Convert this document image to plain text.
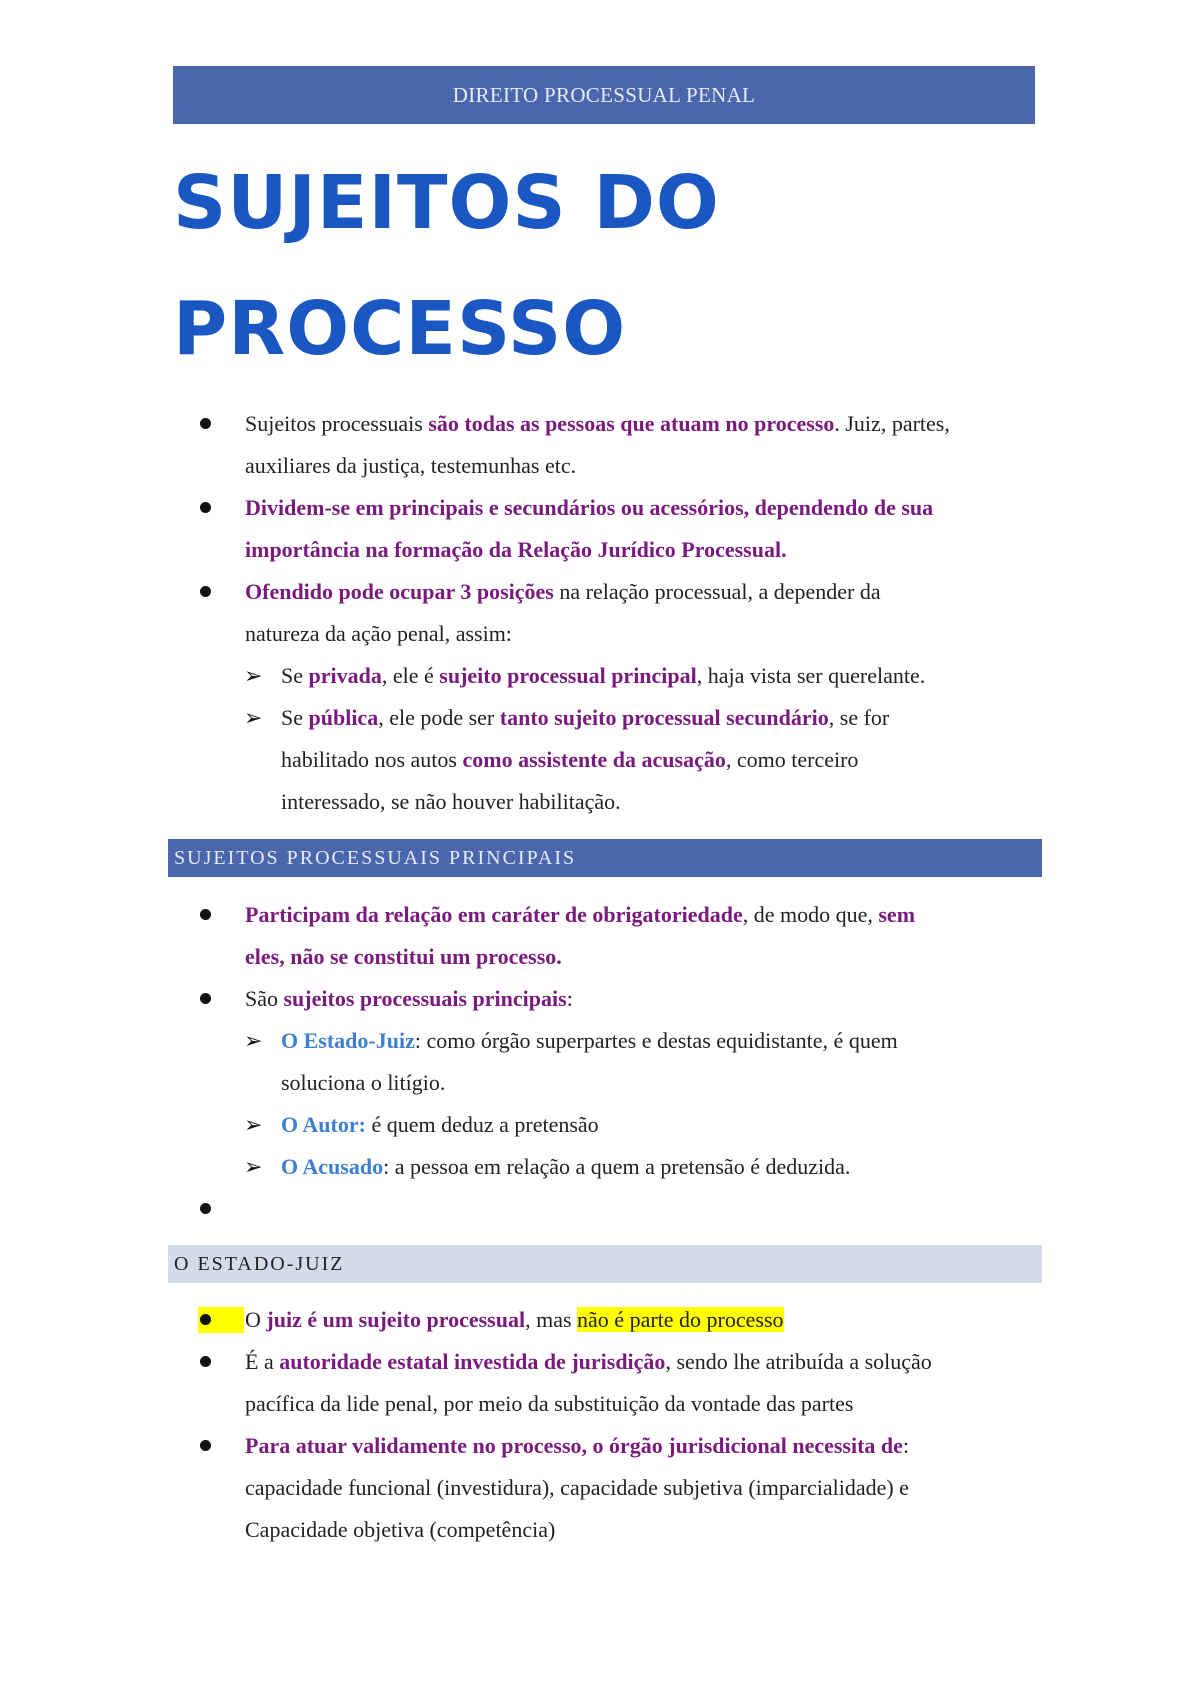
DIREITO PROCESSUAL PENAL
SUJEITOS DO
PROCESSO
Sujeitos processuais são todas as pessoas que atuam no processo. Juiz, partes,
auxiliares da justiça, testemunhas etc.
Dividem-se em principais e secundários ou acessórios, dependendo de sua
importância na formação da Relação Jurídico Processual.
Ofendido pode ocupar 3 posições na relação processual, a depender da
natureza da ação penal, assim:
➢ Se privada, ele é sujeito processual principal, haja vista ser querelante.
➢ Se pública, ele pode ser tanto sujeito processual secundário, se for
habilitado nos autos como assistente da acusação, como terceiro
interessado, se não houver habilitação.
SUJEITOS PROCESSUAIS PRINCIPAIS
Participam da relação em caráter de obrigatoriedade, de modo que, sem
eles, não se constitui um processo.
São sujeitos processuais principais:
➢ O Estado-Juiz: como órgão superpartes e destas equidistante, é quem
soluciona o litígio.
➢ O Autor: é quem deduz a pretensão
➢ O Acusado: a pessoa em relação a quem a pretensão é deduzida.

O ESTADO-JUIZ
O juiz é um sujeito processual, mas não é parte do processo
É a autoridade estatal investida de jurisdição, sendo lhe atribuída a solução
pacífica da lide penal, por meio da substituição da vontade das partes
Para atuar validamente no processo, o órgão jurisdicional necessita de:
capacidade funcional (investidura), capacidade subjetiva (imparcialidade) e
Capacidade objetiva (competência)
